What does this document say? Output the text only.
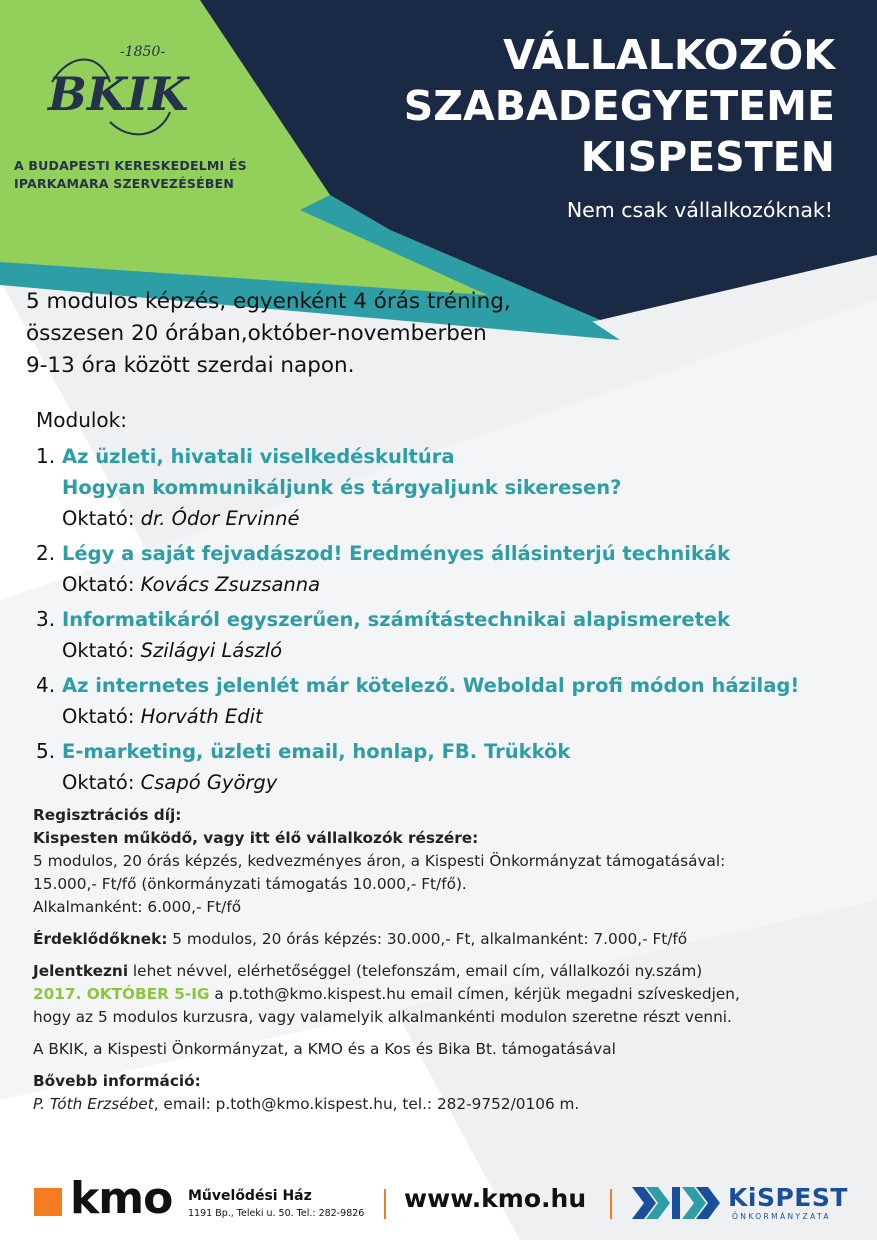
-1850-
BKIK
A BUDAPESTI KERESKEDELMI ÉS
IPARKAMARA SZERVEZÉSÉBEN
VÁLLALKOZÓK
SZABADEGYETEME
KISPESTEN
Nem csak vállalkozóknak!
5 modulos képzés, egyenként 4 órás tréning,
összesen 20 órában,október-novemberben
9-13 óra között szerdai napon.
Modulok:
1. Az üzleti, hivatali viselkedéskultúra
Hogyan kommunikáljunk és tárgyaljunk sikeresen?
Oktató: dr. Ódor Ervinné
2. Légy a saját fejvadászod! Eredményes állásinterjú technikák
Oktató: Kovács Zsuzsanna
3. Informatikáról egyszerűen, számítástechnikai alapismeretek
Oktató: Szilágyi László
4. Az internetes jelenlét már kötelező. Weboldal profi módon házilag!
Oktató: Horváth Edit
5. E-marketing, üzleti email, honlap, FB. Trükkök
Oktató: Csapó György

Regisztrációs díj:

Kispesten működő, vagy itt élő vállalkozók részére:

5 modulos, 20 órás képzés, kedvezményes áron, a Kispesti Önkormányzat támogatásával:

15.000,- Ft/fő (önkormányzati támogatás 10.000,- Ft/fő).

Alkalmanként: 6.000,- Ft/fő

Érdeklődőknek: 5 modulos, 20 órás képzés: 30.000,- Ft, alkalmanként: 7.000,- Ft/fő

Jelentkezni lehet névvel, elérhetőséggel (telefonszám, email cím, vállalkozói ny.szám)

2017. OKTÓBER 5-IG a p.toth@kmo.kispest.hu email címen, kérjük megadni szíveskedjen,

hogy az 5 modulos kurzusra, vagy valamelyik alkalmankénti modulon szeretne részt venni.

A BKIK, a Kispesti Önkormányzat, a KMO és a Kos és Bika Bt. támogatásával

Bővebb információ:

P. Tóth Erzsébet, email: p.toth@kmo.kispest.hu, tel.: 282-9752/0106 m.

kmo Művelődési Ház
1191 Bp., Teleki u. 50. Tel.: 282-9826
www.kmo.hu	KiSPEST
ÖNKORMÁNYZATA
